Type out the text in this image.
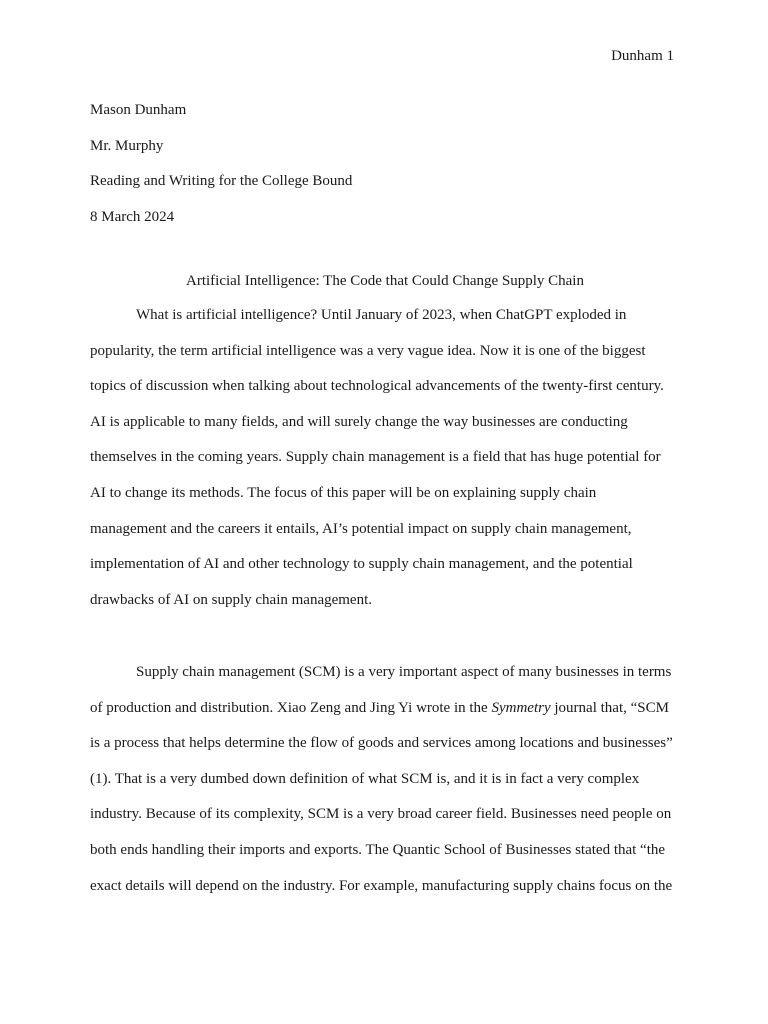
Dunham 1
Mason Dunham
Mr. Murphy
Reading and Writing for the College Bound
8 March 2024
Artificial Intelligence: The Code that Could Change Supply Chain
What is artificial intelligence? Until January of 2023, when ChatGPT exploded in
popularity, the term artificial intelligence was a very vague idea. Now it is one of the biggest
topics of discussion when talking about technological advancements of the twenty-first century.
AI is applicable to many fields, and will surely change the way businesses are conducting
themselves in the coming years. Supply chain management is a field that has huge potential for
AI to change its methods. The focus of this paper will be on explaining supply chain
management and the careers it entails, AI’s potential impact on supply chain management,
implementation of AI and other technology to supply chain management, and the potential
drawbacks of AI on supply chain management.
Supply chain management (SCM) is a very important aspect of many businesses in terms
of production and distribution. Xiao Zeng and Jing Yi wrote in the Symmetry journal that, “SCM
is a process that helps determine the flow of goods and services among locations and businesses”
(1). That is a very dumbed down definition of what SCM is, and it is in fact a very complex
industry. Because of its complexity, SCM is a very broad career field. Businesses need people on
both ends handling their imports and exports. The Quantic School of Businesses stated that “the
exact details will depend on the industry. For example, manufacturing supply chains focus on the
